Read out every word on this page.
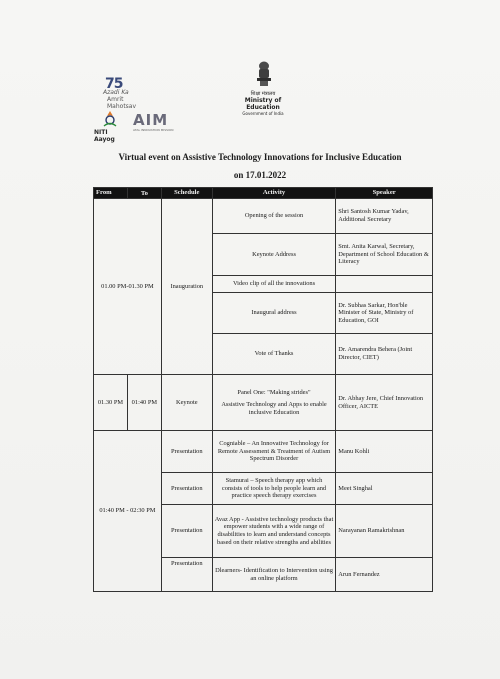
75
Azadi Ka
Amrit Mahotsav
NITI Aayog
AIM
ATAL INNOVATION MISSION
शिक्षा मंत्रालय
Ministry of Education
Government of India
Virtual event on Assistive Technology Innovations for Inclusive Education
on 17.01.2022
From	To	Schedule	Activity	Speaker
01.00 PM-01.30 PM		Inauguration	Opening of the session	Shri Santosh Kumar Yadav, Additional Secretary
			Keynote Address	Smt. Anita Karwal, Secretary, Department of School Education & Literacy
			Video clip of all the innovations	
			Inaugural address	Dr. Subhas Sarkar, Hon'ble Minister of State, Ministry of Education, GOI
			Vote of Thanks	Dr. Amarendra Behera (Joint Director, CIET)
01.30 PM	01:40 PM	Keynote	Panel One: "Making strides"
Assistive Technology and Apps to enable inclusive Education	Dr. Abhay Jere, Chief Innovation Officer, AICTE
01:40 PM - 02:30 PM		Presentation	Cogniable – An Innovative Technology for Remote Assessment & Treatment of Autism Spectrum Disorder	Manu Kohli
		Presentation	Stamurai – Speech therapy app which consists of tools to help people learn and practice speech therapy exercises	Meet Singhal
		Presentation	Avaz App - Assistive technology products that empower students with a wide range of disabilities to learn and understand concepts based on their relative strengths and abilities	Narayanan Ramakrishnan
		Presentation	Dlearners- Identification to Intervention using an online platform	Arun Fernandez
